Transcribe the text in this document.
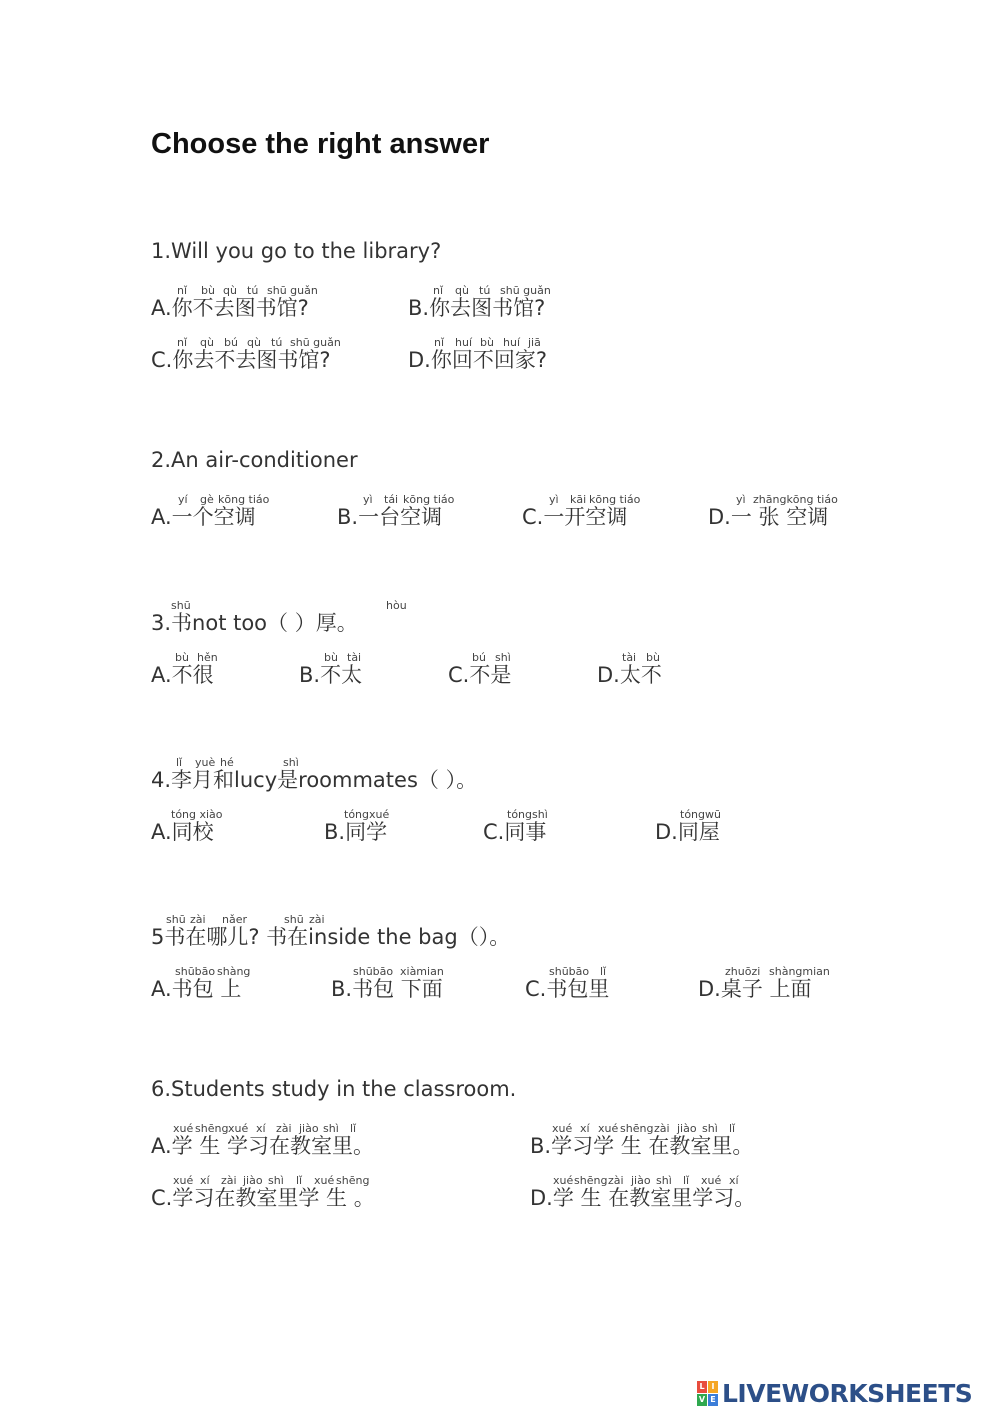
Choose the right answer
1.Will you go to the library?
nǐ bù qù tú shū guǎn
A.你不去图书馆?
nǐ qù tú shū guǎn
B.你去图书馆?
nǐ qù bú qù tú shū guǎn
C.你去不去图书馆?
nǐ huí bù huí jiā
D.你回不回家?
2.An air-conditioner
yí gè kōng tiáo
A.一个空调
yì tái kōng tiáo
B.一台空调
yì kāi kōng tiáo
C.一开空调
yì zhāngkōng tiáo
D.一 张 空调
shū	hòu
3.书not too（ ）厚。
bù hěn
A.不很
bù tài
B.不太
bú shì
C.不是
tài bù
D.太不
lǐ yuè hé	shì
4.李月和lucy是roommates（ ）。
tóng xiào
A.同校
tóngxué
B.同学
tóngshì
C.同事
tóngwū
D.同屋
shū zài nǎer	shū zài
5书在哪儿? 书在inside the bag（）。
shūbāo shàng
A.书包 上
shūbāo xiàmian
B.书包 下面
shūbāo lǐ
C.书包里
zhuōzi shàngmian
D.桌子 上面
6.Students study in the classroom.
xué shēng xué xí zài jiào shì lǐ
A.学 生 学习在教室里。
xué xí xué shēng zài jiào shì lǐ
B.学习学 生 在教室里。
xué xí zài jiào shì lǐ xué shēng
C.学习在教室里学 生 。
xué shēng zài jiào shì lǐ xué xí
D.学 生 在教室里学习。
L I
V E LIVEWORKSHEETS
